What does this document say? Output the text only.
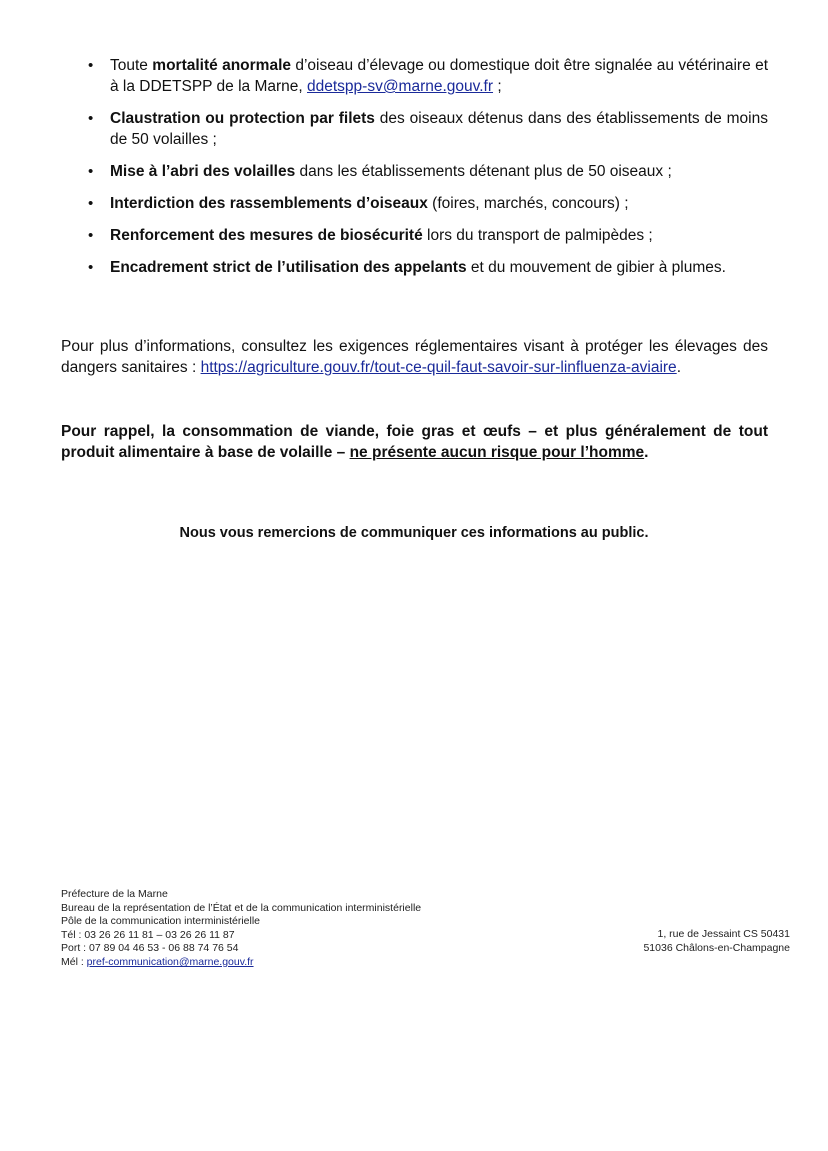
• Toute mortalité anormale d’oiseau d’élevage ou domestique doit être signalée au vétérinaire et à la DDETSPP de la Marne, ddetspp-sv@marne.gouv.fr ;
• Claustration ou protection par filets des oiseaux détenus dans des établissements de moins de 50 volailles ;
• Mise à l’abri des volailles dans les établissements détenant plus de 50 oiseaux ;
• Interdiction des rassemblements d’oiseaux (foires, marchés, concours) ;
• Renforcement des mesures de biosécurité lors du transport de palmipèdes ;
• Encadrement strict de l’utilisation des appelants et du mouvement de gibier à plumes.

Pour plus d’informations, consultez les exigences réglementaires visant à protéger les élevages des dangers sanitaires : https://agriculture.gouv.fr/tout-ce-quil-faut-savoir-sur-linfluenza-aviaire.

Pour rappel, la consommation de viande, foie gras et œufs – et plus généralement de tout produit alimentaire à base de volaille – ne présente aucun risque pour l’homme.

Nous vous remercions de communiquer ces informations au public.

Préfecture de la Marne
Bureau de la représentation de l’État et de la communication interministérielle
Pôle de la communication interministérielle
Tél : 03 26 26 11 81 – 03 26 26 11 87
Port : 07 89 04 46 53 - 06 88 74 76 54
Mél : pref-communication@marne.gouv.fr
1, rue de Jessaint CS 50431
51036 Châlons-en-Champagne
